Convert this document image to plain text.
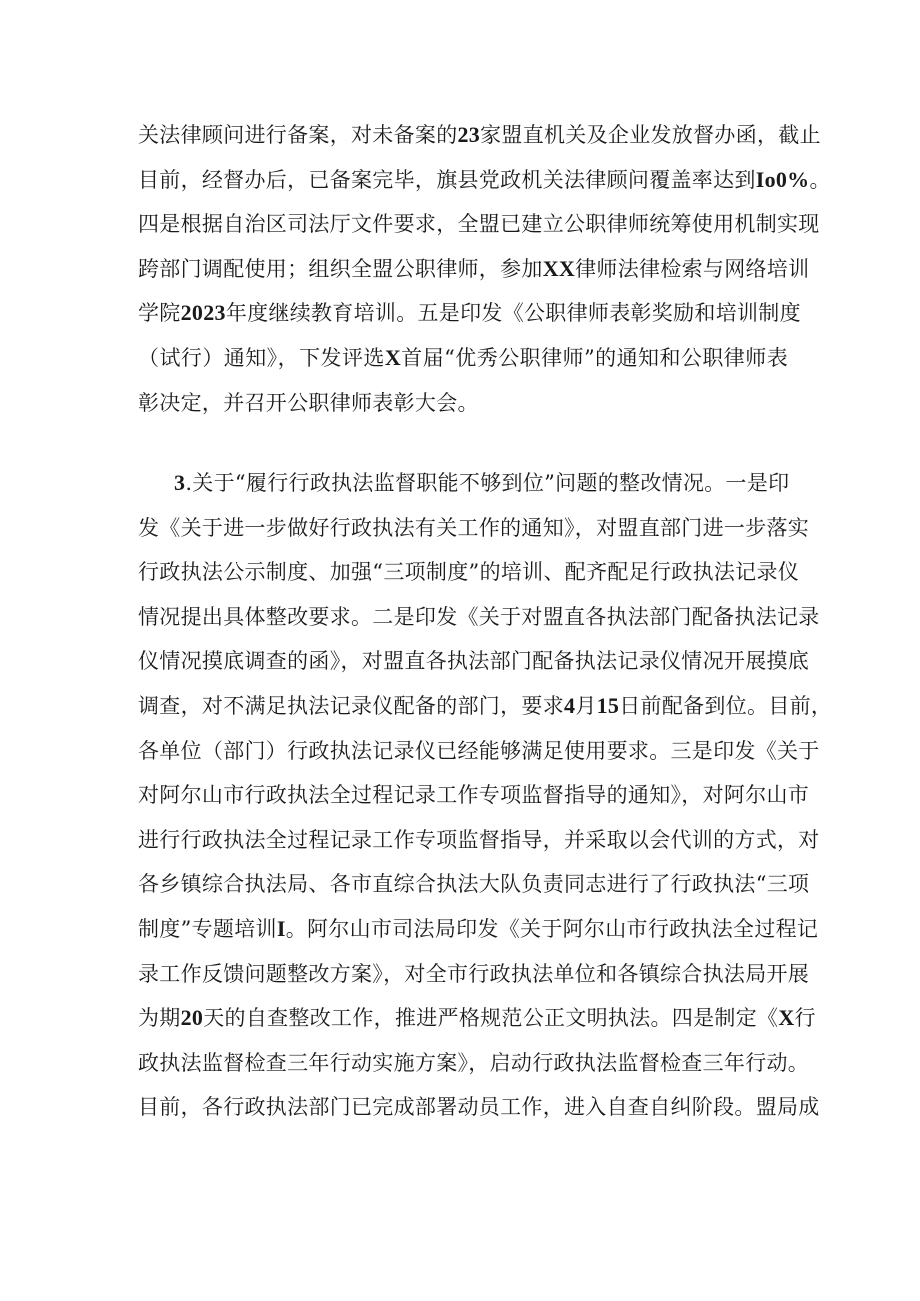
关法律顾问进行备案，对未备案的23家盟直机关及企业发放督办函，截止
目前，经督办后，已备案完毕，旗县党政机关法律顾问覆盖率达到Io0%。
四是根据自治区司法厅文件要求，全盟已建立公职律师统筹使用机制实现
跨部门调配使用；组织全盟公职律师，参加XX律师法律检索与网络培训
学院2023年度继续教育培训。五是印发《公职律师表彰奖励和培训制度
（试行）通知》，下发评选X首届“优秀公职律师”的通知和公职律师表
彰决定，并召开公职律师表彰大会。
3.关于“履行行政执法监督职能不够到位”问题的整改情况。一是印
发《关于进一步做好行政执法有关工作的通知》，对盟直部门进一步落实
行政执法公示制度、加强“三项制度”的培训、配齐配足行政执法记录仪
情况提出具体整改要求。二是印发《关于对盟直各执法部门配备执法记录
仪情况摸底调查的函》，对盟直各执法部门配备执法记录仪情况开展摸底
调查，对不满足执法记录仪配备的部门，要求4月15日前配备到位。目前，
各单位（部门）行政执法记录仪已经能够满足使用要求。三是印发《关于
对阿尔山市行政执法全过程记录工作专项监督指导的通知》，对阿尔山市
进行行政执法全过程记录工作专项监督指导，并采取以会代训的方式，对
各乡镇综合执法局、各市直综合执法大队负责同志进行了行政执法“三项
制度”专题培训I。阿尔山市司法局印发《关于阿尔山市行政执法全过程记
录工作反馈问题整改方案》，对全市行政执法单位和各镇综合执法局开展
为期20天的自查整改工作，推进严格规范公正文明执法。四是制定《X行
政执法监督检查三年行动实施方案》，启动行政执法监督检查三年行动。
目前，各行政执法部门已完成部署动员工作，进入自查自纠阶段。盟局成
